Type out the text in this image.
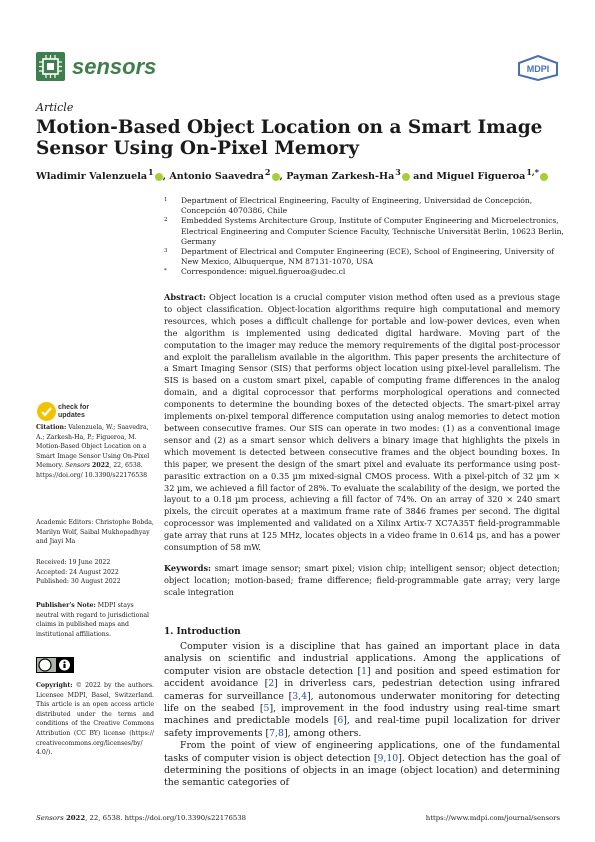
sensors	MDPI
Article
Motion-Based Object Location on a Smart Image Sensor Using On-Pixel Memory
Wladimir Valenzuela $^1$ , Antonio Saavedra $^2$ , Payman Zarkesh-Ha $^3$ and Miguel Figueroa $^{1,*}$
1 Department of Electrical Engineering, Faculty of Engineering, Universidad de Concepción, Concepción 4070386, Chile
2 Embedded Systems Architecture Group, Institute of Computer Engineering and Microelectronics, Electrical Engineering and Computer Science Faculty, Technische Universität Berlin, 10623 Berlin, Germany
3 Department of Electrical and Computer Engineering (ECE), School of Engineering, University of New Mexico, Albuquerque, NM 87131-1070, USA
* Correspondence: miguel.figueroa@udec.cl
Abstract: Object location is a crucial computer vision method often used as a previous stage to object classification. Object-location algorithms require high computational and memory resources, which poses a difficult challenge for portable and low-power devices, even when the algorithm is implemented using dedicated digital hardware. Moving part of the computation to the imager may reduce the memory requirements of the digital post-processor and exploit the parallelism available in the algorithm. This paper presents the architecture of a Smart Imaging Sensor (SIS) that performs object location using pixel-level parallelism. The SIS is based on a custom smart pixel, capable of computing frame differences in the analog domain, and a digital coprocessor that performs morphological operations and connected components to determine the bounding boxes of the detected objects. The smart-pixel array implements on-pixel temporal difference computation using analog memories to detect motion between consecutive frames. Our SIS can operate in two modes: (1) as a conventional image sensor and (2) as a smart sensor which delivers a binary image that highlights the pixels in which movement is detected between consecutive frames and the object bounding boxes. In this paper, we present the design of the smart pixel and evaluate its performance using post-parasitic extraction on a 0.35 µm mixed-signal CMOS process. With a pixel-pitch of 32 µm × 32 µm, we achieved a fill factor of 28%. To evaluate the scalability of the design, we ported the layout to a 0.18 µm process, achieving a fill factor of 74%. On an array of 320 × 240 smart pixels, the circuit operates at a maximum frame rate of 3846 frames per second. The digital coprocessor was implemented and validated on a Xilinx Artix-7 XC7A35T field-programmable gate array that runs at 125 MHz, locates objects in a video frame in 0.614 µs, and has a power consumption of 58 mW.
Keywords: smart image sensor; smart pixel; vision chip; intelligent sensor; object detection; object location; motion-based; frame difference; field-programmable gate array; very large scale integration
check for
updates
Citation: Valenzuela, W.; Saavedra, A.; Zarkesh-Ha, P.; Figueroa, M. Motion-Based Object Location on a Smart Image Sensor Using On-Pixel Memory. Sensors 2022, 22, 6538. https://doi.org/ 10.3390/s22176538
Academic Editors: Christophe Bobda, Marilyn Wolf, Saibal Mukhopadhyay and Jiayi Ma
Received: 19 June 2022
Accepted: 24 August 2022
Published: 30 August 2022
Publisher's Note: MDPI stays neutral with regard to jurisdictional claims in published maps and institutional affiliations.
Copyright: © 2022 by the authors. Licensee MDPI, Basel, Switzerland. This article is an open access article distributed under the terms and conditions of the Creative Commons Attribution (CC BY) license (https:// creativecommons.org/licenses/by/ 4.0/).
1. Introduction

Computer vision is a discipline that has gained an important place in data analysis on scientific and industrial applications. Among the applications of computer vision are obstacle detection [1] and position and speed estimation for accident avoidance [2] in driverless cars, pedestrian detection using infrared cameras for surveillance [3,4], autonomous underwater monitoring for detecting life on the seabed [5], improvement in the food industry using real-time smart machines and predictable models [6], and real-time pupil localization for driver safety improvements [7,8], among others.

From the point of view of engineering applications, one of the fundamental tasks of computer vision is object detection [9,10]. Object detection has the goal of determining the positions of objects in an image (object location) and determining the semantic categories of

Sensors 2022, 22, 6538. https://doi.org/10.3390/s22176538	https://www.mdpi.com/journal/sensors
